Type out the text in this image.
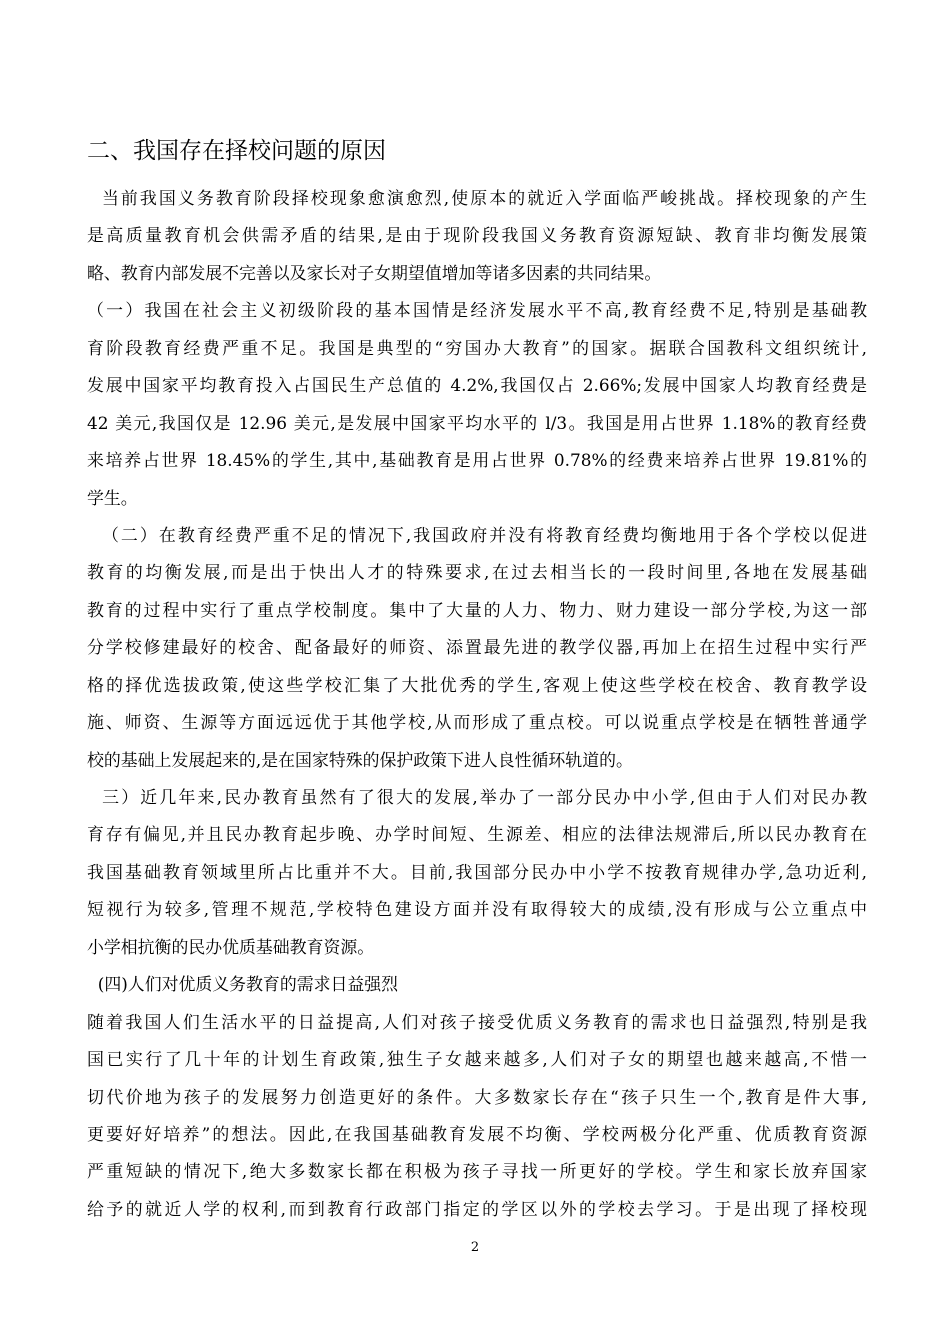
二、我国存在择校问题的原因
当前我国义务教育阶段择校现象愈演愈烈,使原本的就近入学面临严峻挑战。择校现象的产生
是高质量教育机会供需矛盾的结果,是由于现阶段我国义务教育资源短缺、教育非均衡发展策
略、教育内部发展不完善以及家长对子女期望值增加等诸多因素的共同结果。
（一）我国在社会主义初级阶段的基本国情是经济发展水平不高,教育经费不足,特别是基础教
育阶段教育经费严重不足。我国是典型的“穷国办大教育”的国家。据联合国教科文组织统计,
发展中国家平均教育投入占国民生产总值的 4.2%,我国仅占 2.66%;发展中国家人均教育经费是
42 美元,我国仅是 12.96 美元,是发展中国家平均水平的 l/3。我国是用占世界 1.18%的教育经费
来培养占世界 18.45%的学生,其中,基础教育是用占世界 0.78%的经费来培养占世界 19.81%的
学生。
（二）在教育经费严重不足的情况下,我国政府并没有将教育经费均衡地用于各个学校以促进
教育的均衡发展,而是出于快出人才的特殊要求,在过去相当长的一段时间里,各地在发展基础
教育的过程中实行了重点学校制度。集中了大量的人力、物力、财力建设一部分学校,为这一部
分学校修建最好的校舍、配备最好的师资、添置最先进的教学仪器,再加上在招生过程中实行严
格的择优选拔政策,使这些学校汇集了大批优秀的学生,客观上使这些学校在校舍、教育教学设
施、师资、生源等方面远远优于其他学校,从而形成了重点校。可以说重点学校是在牺牲普通学
校的基础上发展起来的,是在国家特殊的保护政策下进人良性循环轨道的。
三）近几年来,民办教育虽然有了很大的发展,举办了一部分民办中小学,但由于人们对民办教
育存有偏见,并且民办教育起步晚、办学时间短、生源差、相应的法律法规滞后,所以民办教育在
我国基础教育领域里所占比重并不大。目前,我国部分民办中小学不按教育规律办学,急功近利,
短视行为较多,管理不规范,学校特色建设方面并没有取得较大的成绩,没有形成与公立重点中
小学相抗衡的民办优质基础教育资源。
(四)人们对优质义务教育的需求日益强烈
随着我国人们生活水平的日益提高,人们对孩子接受优质义务教育的需求也日益强烈,特别是我
国已实行了几十年的计划生育政策,独生子女越来越多,人们对子女的期望也越来越高,不惜一
切代价地为孩子的发展努力创造更好的条件。大多数家长存在“孩子只生一个,教育是件大事,
更要好好培养”的想法。因此,在我国基础教育发展不均衡、学校两极分化严重、优质教育资源
严重短缺的情况下,绝大多数家长都在积极为孩子寻找一所更好的学校。学生和家长放弃国家
给予的就近人学的权利,而到教育行政部门指定的学区以外的学校去学习。于是出现了择校现
2
